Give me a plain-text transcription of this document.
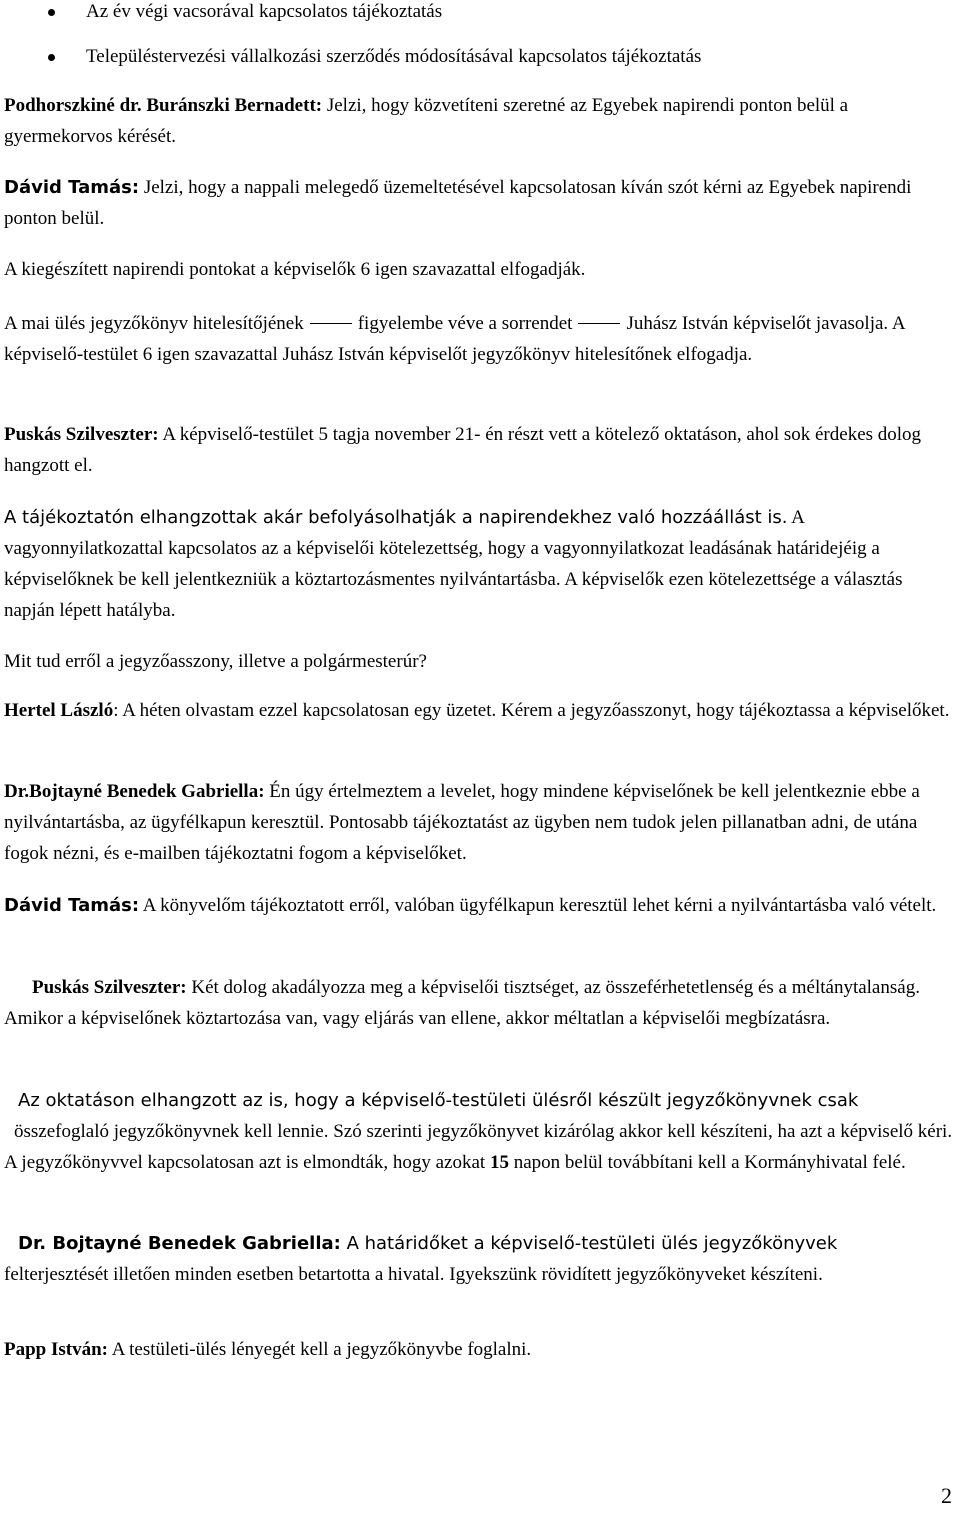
Az év végi vacsorával kapcsolatos tájékoztatás
Településtervezési vállalkozási szerződés módosításával kapcsolatos tájékoztatás

Podhorszkiné dr. Buránszki Bernadett: Jelzi, hogy közvetíteni szeretné az Egyebek napirendi ponton belül a gyermekorvos kérését.

Dávid Tamás: Jelzi, hogy a nappali melegedő üzemeltetésével kapcsolatosan kíván szót kérni az Egyebek napirendi ponton belül.

A kiegészített napirendi pontokat a képviselők 6 igen szavazattal elfogadják.

A mai ülés jegyzőkönyv hitelesítőjének	figyelembe véve a sorrendet	Juhász István képviselőt javasolja. A képviselő-testület 6 igen szavazattal Juhász István képviselőt jegyzőkönyv hitelesítőnek elfogadja.

Puskás Szilveszter: A képviselő-testület 5 tagja november 21- én részt vett a kötelező oktatáson, ahol sok érdekes dolog hangzott el.

A tájékoztatón elhangzottak akár befolyásolhatják a napirendekhez való hozzáállást is. A vagyonnyilatkozattal kapcsolatos az a képviselői kötelezettség, hogy a vagyonnyilatkozat leadásának határidejéig a képviselőknek be kell jelentkezniük a köztartozásmentes nyilvántartásba. A képviselők ezen kötelezettsége a választás napján lépett hatályba.

Mit tud erről a jegyzőasszony, illetve a polgármesterúr?

Hertel László: A héten olvastam ezzel kapcsolatosan egy üzetet. Kérem a jegyzőasszonyt, hogy tájékoztassa a képviselőket.

Dr.Bojtayné Benedek Gabriella: Én úgy értelmeztem a levelet, hogy mindene képviselőnek be kell jelentkeznie ebbe a nyilvántartásba, az ügyfélkapun keresztül. Pontosabb tájékoztatást az ügyben nem tudok jelen pillanatban adni, de utána fogok nézni, és e-mailben tájékoztatni fogom a képviselőket.

Dávid Tamás: A könyvelőm tájékoztatott erről, valóban ügyfélkapun keresztül lehet kérni a nyilvántartásba való vételt.

Puskás Szilveszter: Két dolog akadályozza meg a képviselői tisztséget, az összeférhetetlenség és a méltánytalanság. Amikor a képviselőnek köztartozása van, vagy eljárás van ellene, akkor méltatlan a képviselői megbízatásra.

Az oktatáson elhangzott az is, hogy a képviselő-testületi ülésről készült jegyzőkönyvnek csak
összefoglaló jegyzőkönyvnek kell lennie. Szó szerinti jegyzőkönyvet kizárólag akkor kell készíteni, ha azt a képviselő kéri. A jegyzőkönyvvel kapcsolatosan azt is elmondták, hogy azokat 15 napon belül továbbítani kell a Kormányhivatal felé.

Dr. Bojtayné Benedek Gabriella: A határidőket a képviselő-testületi ülés jegyzőkönyvek
felterjesztését illetően minden esetben betartotta a hivatal. Igyekszünk rövidített jegyzőkönyveket készíteni.

Papp István: A testületi-ülés lényegét kell a jegyzőkönyvbe foglalni.

2
